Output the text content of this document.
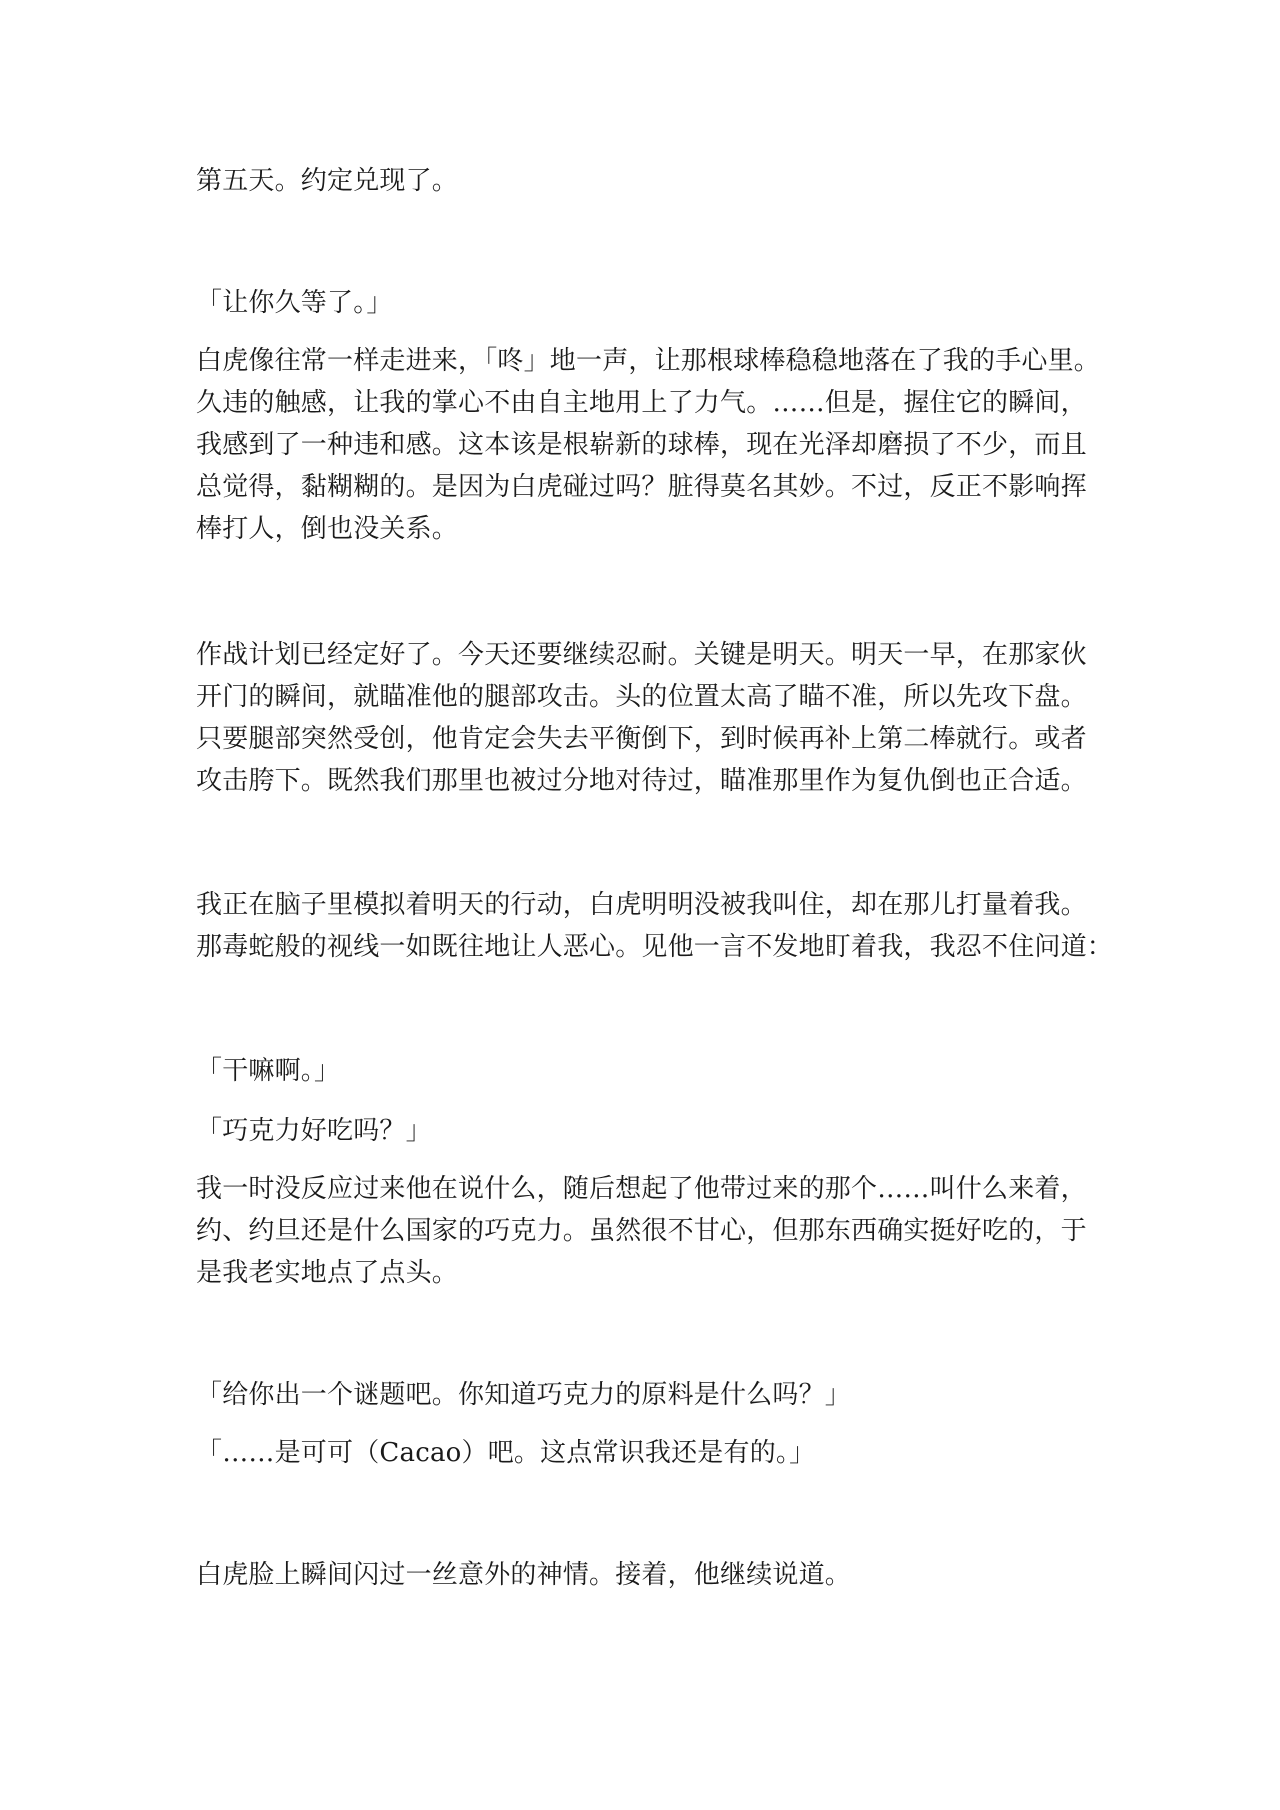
第五天。约定兑现了。

「让你久等了。」

白虎像往常一样走进来，「咚」地一声，让那根球棒稳稳地落在了我的手心里。
久违的触感，让我的掌心不由自主地用上了力气。……但是，握住它的瞬间，
我感到了一种违和感。这本该是根崭新的球棒，现在光泽却磨损了不少，而且
总觉得，黏糊糊的。是因为白虎碰过吗？脏得莫名其妙。不过，反正不影响挥
棒打人，倒也没关系。

作战计划已经定好了。今天还要继续忍耐。关键是明天。明天一早，在那家伙
开门的瞬间，就瞄准他的腿部攻击。头的位置太高了瞄不准，所以先攻下盘。
只要腿部突然受创，他肯定会失去平衡倒下，到时候再补上第二棒就行。或者
攻击胯下。既然我们那里也被过分地对待过，瞄准那里作为复仇倒也正合适。

我正在脑子里模拟着明天的行动，白虎明明没被我叫住，却在那儿打量着我。
那毒蛇般的视线一如既往地让人恶心。见他一言不发地盯着我，我忍不住问道：

「干嘛啊。」

「巧克力好吃吗？」

我一时没反应过来他在说什么，随后想起了他带过来的那个……叫什么来着，
约、约旦还是什么国家的巧克力。虽然很不甘心，但那东西确实挺好吃的，于
是我老实地点了点头。

「给你出一个谜题吧。你知道巧克力的原料是什么吗？」

「……是可可（Cacao）吧。这点常识我还是有的。」

白虎脸上瞬间闪过一丝意外的神情。接着，他继续说道。
